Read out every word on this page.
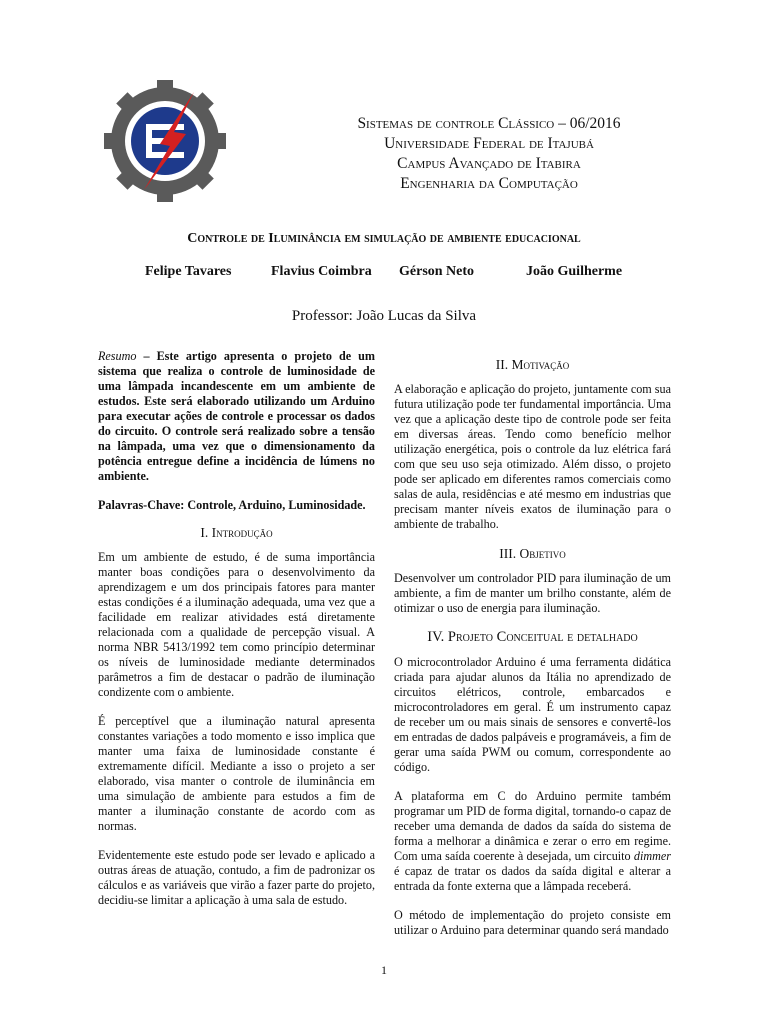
Sistemas de controle Clássico – 06/2016
Universidade Federal de Itajubá
Campus Avançado de Itabira
Engenharia da Computação
Controle de Iluminância em simulação de ambiente educacional
Felipe Tavares	Flavius Coimbra Gérson Neto	João Guilherme
Professor: João Lucas da Silva

Resumo – Este artigo apresenta o projeto de um sistema que realiza o controle de luminosidade de uma lâmpada incandescente em um ambiente de estudos. Este será elaborado utilizando um Arduino para executar ações de controle e processar os dados do circuito. O controle será realizado sobre a tensão na lâmpada, uma vez que o dimensionamento da potência entregue define a incidência de lúmens no ambiente.

Palavras-Chave: Controle, Arduino, Luminosidade.

I. Introdução

Em um ambiente de estudo, é de suma importância manter boas condições para o desenvolvimento da aprendizagem e um dos principais fatores para manter estas condições é a iluminação adequada, uma vez que a facilidade em realizar atividades está diretamente relacionada com a qualidade de percepção visual. A norma NBR 5413/1992 tem como princípio determinar os níveis de luminosidade mediante determinados parâmetros a fim de destacar o padrão de iluminação condizente com o ambiente.

É perceptível que a iluminação natural apresenta constantes variações a todo momento e isso implica que manter uma faixa de luminosidade constante é extremamente difícil. Mediante a isso o projeto a ser elaborado, visa manter o controle de iluminância em uma simulação de ambiente para estudos a fim de manter a iluminação constante de acordo com as normas.

Evidentemente este estudo pode ser levado e aplicado a outras áreas de atuação, contudo, a fim de padronizar os cálculos e as variáveis que virão a fazer parte do projeto, decidiu-se limitar a aplicação à uma sala de estudo.

II. Motivação

A elaboração e aplicação do projeto, juntamente com sua futura utilização pode ter fundamental importância. Uma vez que a aplicação deste tipo de controle pode ser feita em diversas áreas. Tendo como benefício melhor utilização energética, pois o controle da luz elétrica fará com que seu uso seja otimizado. Além disso, o projeto pode ser aplicado em diferentes ramos comerciais como salas de aula, residências e até mesmo em industrias que precisam manter níveis exatos de iluminação para o ambiente de trabalho.

III. Objetivo

Desenvolver um controlador PID para iluminação de um ambiente, a fim de manter um brilho constante, além de otimizar o uso de energia para iluminação.

IV. Projeto Conceitual e detalhado

O microcontrolador Arduino é uma ferramenta didática criada para ajudar alunos da Itália no aprendizado de circuitos elétricos, controle, embarcados e microcontroladores em geral. É um instrumento capaz de receber um ou mais sinais de sensores e convertê-los em entradas de dados palpáveis e programáveis, a fim de gerar uma saída PWM ou comum, correspondente ao código.

A plataforma em C do Arduino permite também programar um PID de forma digital, tornando-o capaz de receber uma demanda de dados da saída do sistema de forma a melhorar a dinâmica e zerar o erro em regime. Com uma saída coerente à desejada, um circuito dimmer é capaz de tratar os dados da saída digital e alterar a entrada da fonte externa que a lâmpada receberá.

O método de implementação do projeto consiste em utilizar o Arduino para determinar quando será mandado

1
